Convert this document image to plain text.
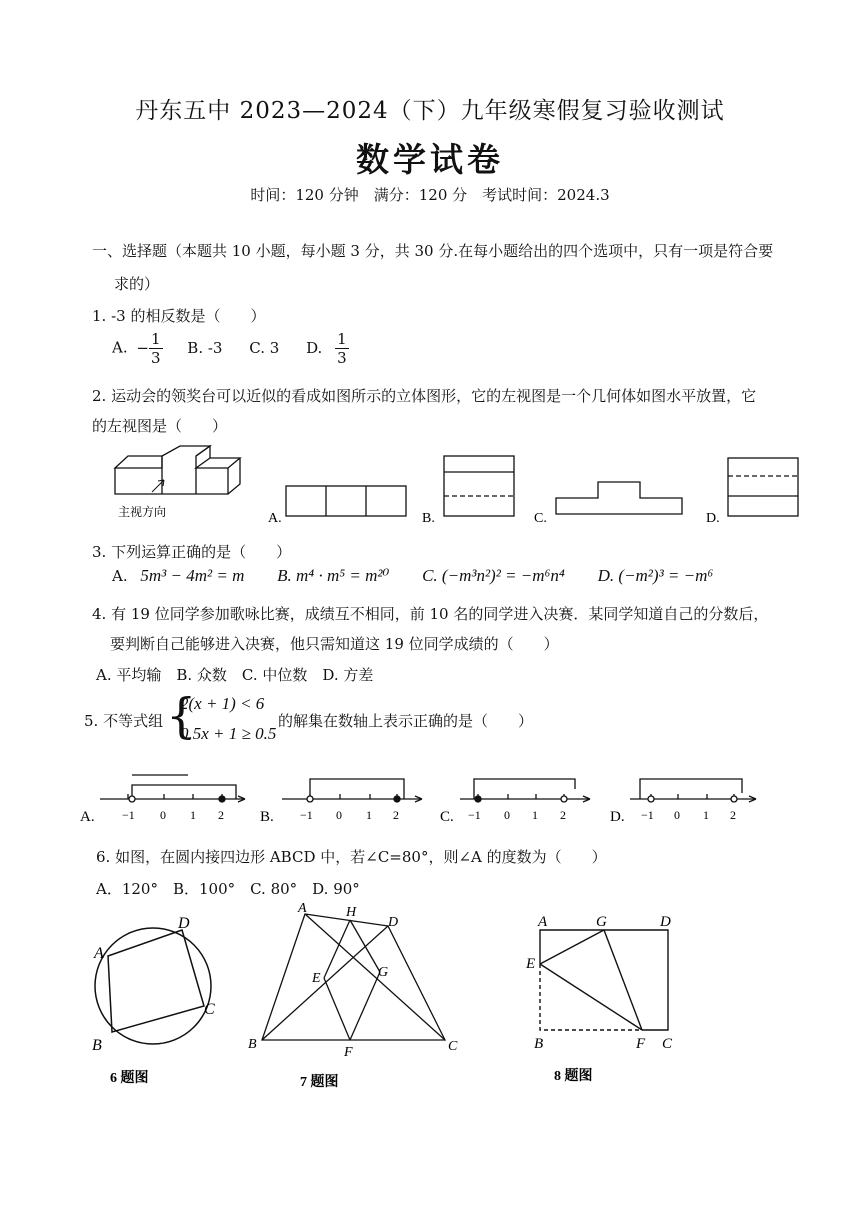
丹东五中 2023—2024（下）九年级寒假复习验收测试
数学试卷
时间：120 分钟　满分：120 分　考试时间：2024.3
一、选择题（本题共 10 小题，每小题 3 分，共 30 分.在每小题给出的四个选项中，只有一项是符合要
求的）
1. -3 的相反数是（　　）
A. − $\frac{1}{3} B$. -3 C. 3 D. $\frac{1}{3}$
2. 运动会的领奖台可以近似的看成如图所示的立体图形，它的左视图是一个几何体如图水平放置，它
的左视图是（　　）
主视方向	A.	B.	C.	D.
3. 下列运算正确的是（　　）
A. 5m³ − 4m² = m B. m⁴ · m⁵ = m²⁰ C. (−m³n²)² = −m⁶n⁴ D. (−m²)³ = −m⁶
4. 有 19 位同学参加歌咏比赛，成绩互不相同，前 10 名的同学进入决赛．某同学知道自己的分数后，
要判断自己能够进入决赛，他只需知道这 19 位同学成绩的（　　）
A. 平均输　B. 众数　C. 中位数　D. 方差
5. 不等式组 {
2(x + 1) < 6
0.5x + 1 ≥ 0.5
的解集在数轴上表示正确的是（　　）
A. −1 0 1 2 B. −1 0 1 2	C. −1 0 1 2	D. −1 0 1 2
6. 如图，在圆内接四边形 ABCD 中，若∠C=80°，则∠A 的度数为（　　）
A．120°　B．100°　C. 80°　D. 90°
A
B
C
D
6 题图
A	H
D
E	G
B
F	C
7 题图
A	G	D
E
B	F C
8 题图
